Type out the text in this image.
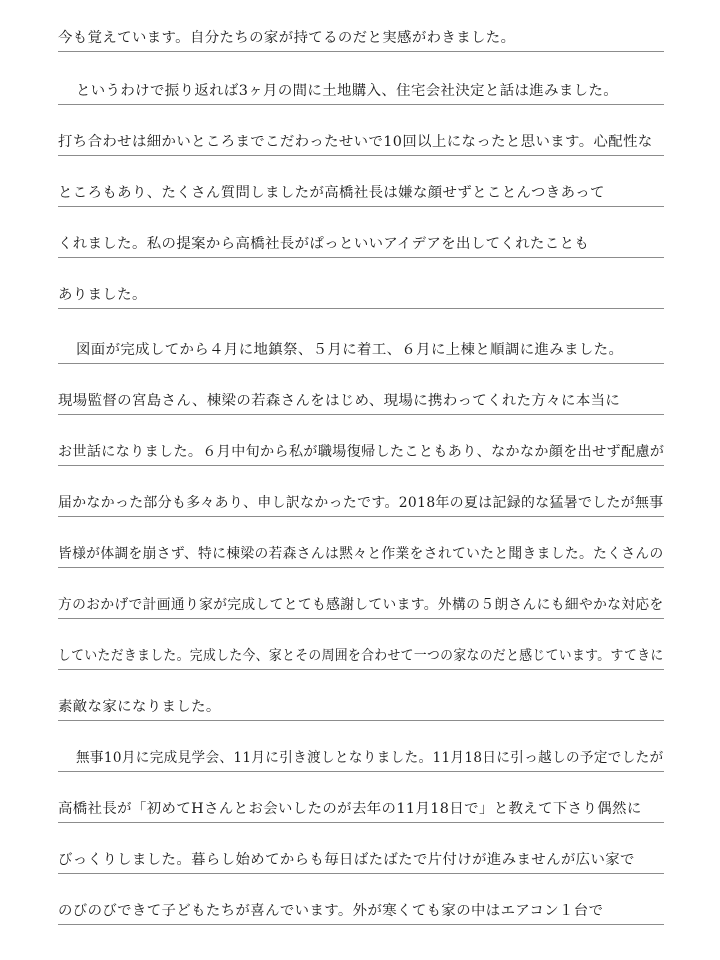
今も覚えています。自分たちの家が持てるのだと実感がわきました。
というわけで振り返れば3ヶ月の間に土地購入、住宅会社決定と話は進みました。
打ち合わせは細かいところまでこだわったせいで10回以上になったと思います。心配性な
ところもあり、たくさん質問しましたが高橋社長は嫌な顔せずとことんつきあって
くれました。私の提案から高橋社長がぱっといいアイデアを出してくれたことも
ありました。
図面が完成してから４月に地鎮祭、５月に着工、６月に上棟と順調に進みました。
現場監督の宮島さん、棟梁の若森さんをはじめ、現場に携わってくれた方々に本当に
お世話になりました。６月中旬から私が職場復帰したこともあり、なかなか顔を出せず配慮が
届かなかった部分も多々あり、申し訳なかったです。2018年の夏は記録的な猛暑でしたが無事
皆様が体調を崩さず、特に棟梁の若森さんは黙々と作業をされていたと聞きました。たくさんの
方のおかげで計画通り家が完成してとても感謝しています。外構の５朗さんにも細やかな対応を
していただきました。完成した今、家とその周囲を合わせて一つの家なのだと感じています。すてきに
素敵な家になりました。
無事10月に完成見学会、11月に引き渡しとなりました。11月18日に引っ越しの予定でしたが
高橋社長が「初めてHさんとお会いしたのが去年の11月18日で」と教えて下さり偶然に
びっくりしました。暮らし始めてからも毎日ばたばたで片付けが進みませんが広い家で
のびのびできて子どもたちが喜んでいます。外が寒くても家の中はエアコン１台で
